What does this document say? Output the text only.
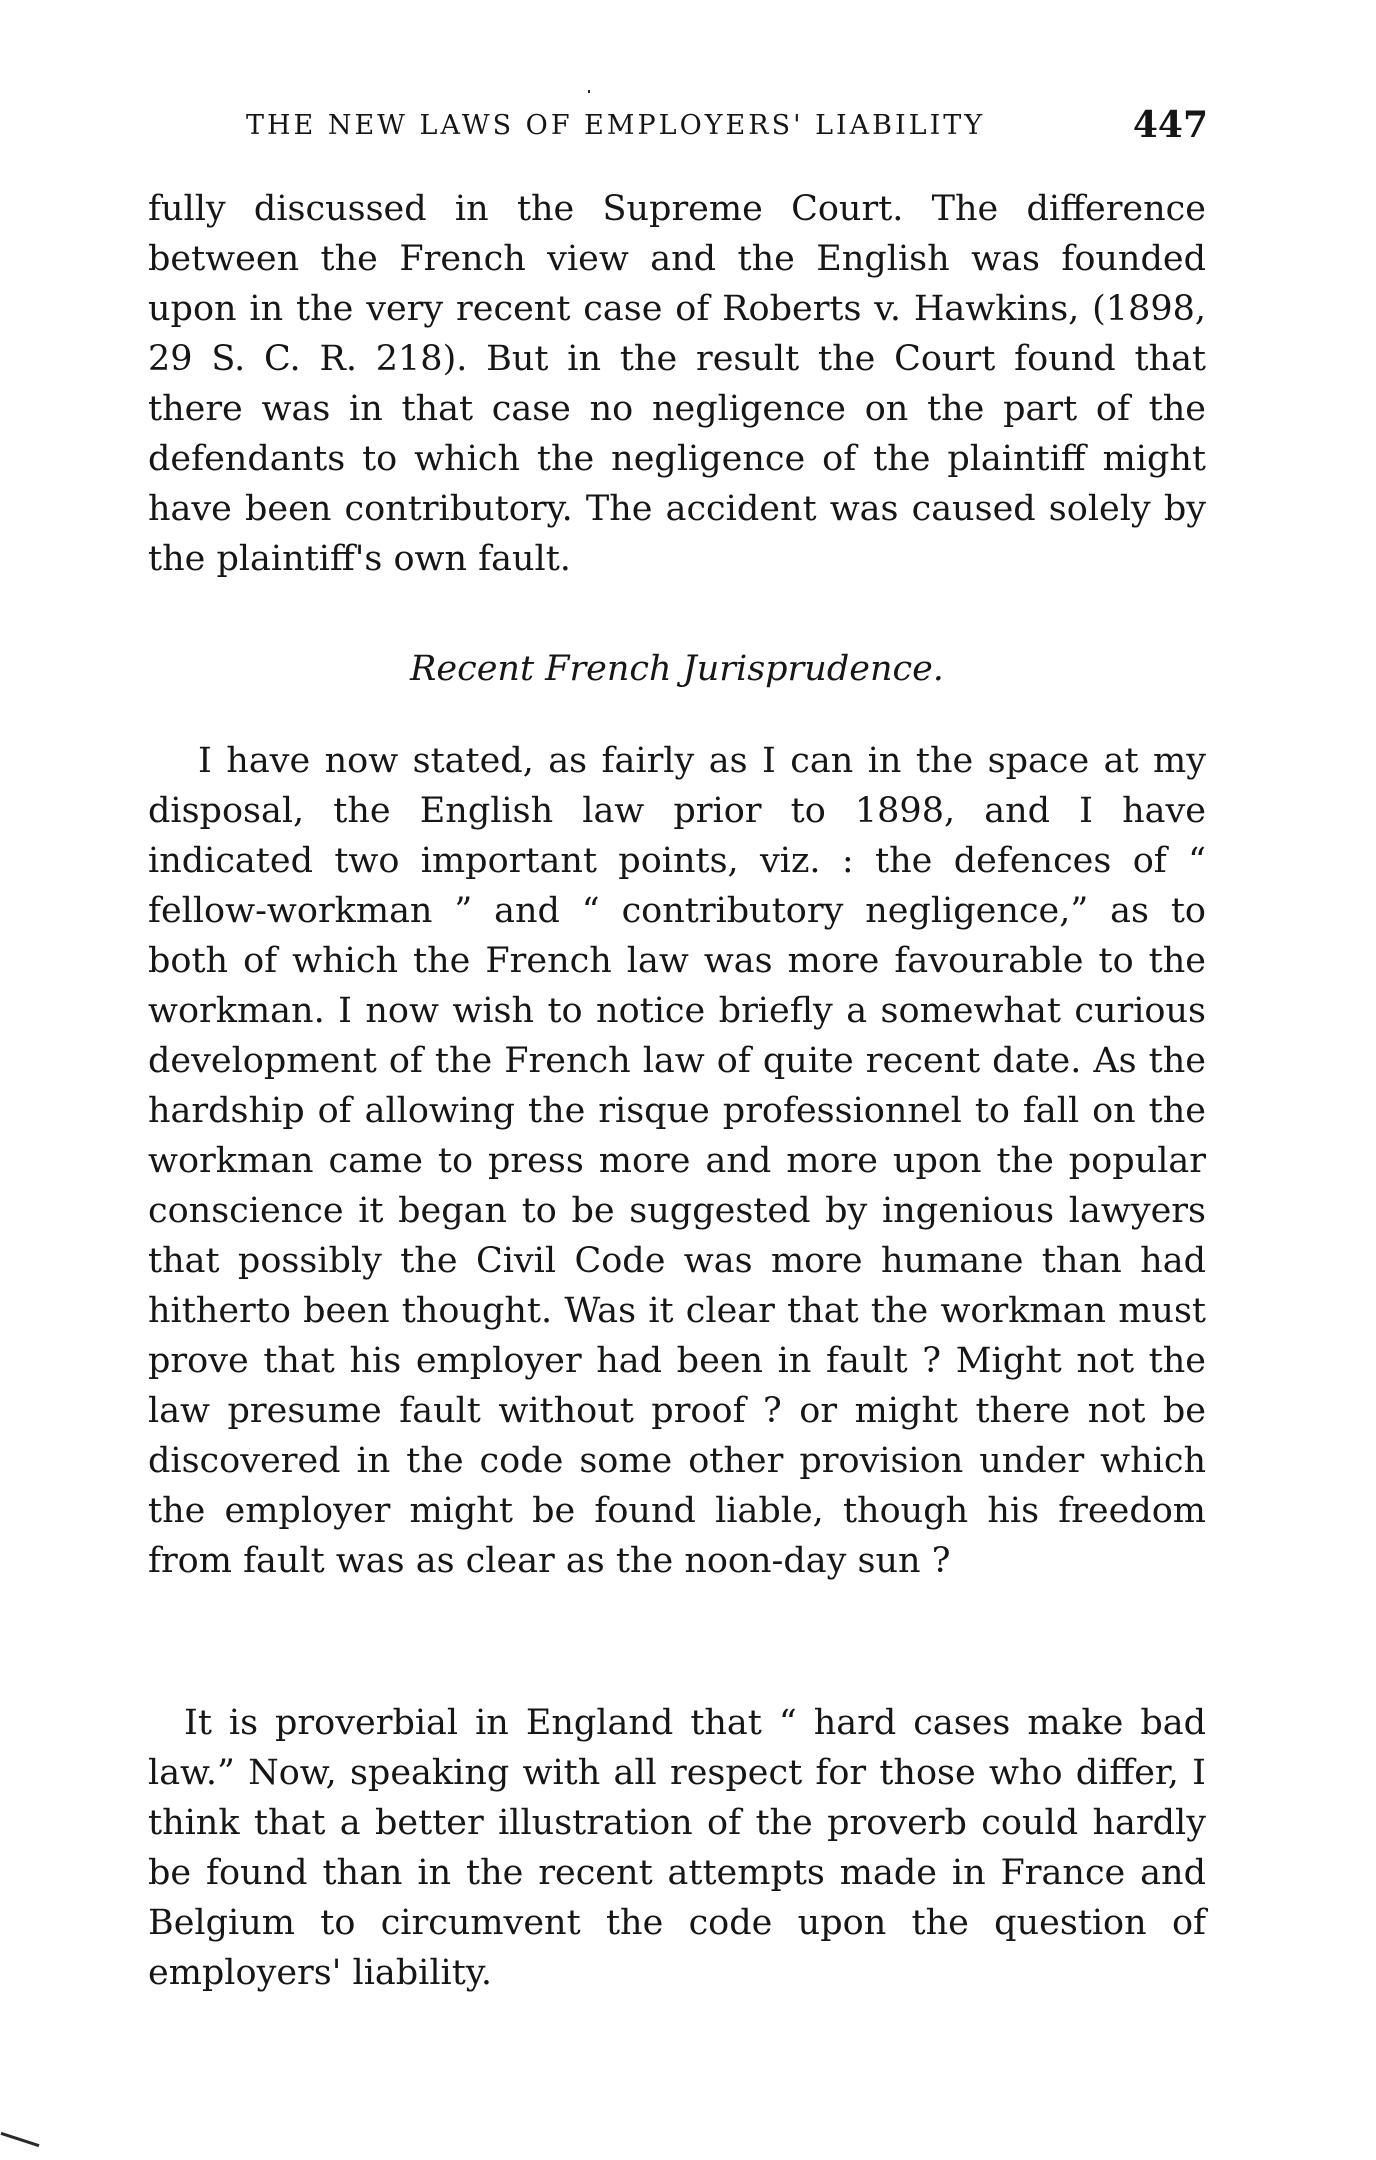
THE NEW LAWS OF EMPLOYERS' LIABILITY	447

fully discussed in the Supreme Court. The difference between the French view and the English was founded upon in the very recent case of Roberts v. Hawkins, (1898, 29 S. C. R. 218). But in the result the Court found that there was in that case no negligence on the part of the defendants to which the negligence of the plaintiff might have been contributory. The accident was caused solely by the plaintiff's own fault.

Recent French Jurisprudence.

I have now stated, as fairly as I can in the space at my disposal, the English law prior to 1898, and I have indicated two important points, viz. : the defences of “ fellow-workman ” and “ contributory negligence,” as to both of which the French law was more favourable to the workman. I now wish to notice briefly a somewhat curious development of the French law of quite recent date. As the hardship of allowing the risque professionnel to fall on the workman came to press more and more upon the popular conscience it began to be suggested by ingenious lawyers that possibly the Civil Code was more humane than had hitherto been thought. Was it clear that the workman must prove that his employer had been in fault ? Might not the law presume fault without proof ? or might there not be discovered in the code some other provision under which the employer might be found liable, though his freedom from fault was as clear as the noon-day sun ?

It is proverbial in England that “ hard cases make bad law.” Now, speaking with all respect for those who differ, I think that a better illustration of the proverb could hardly be found than in the recent attempts made in France and Belgium to circumvent the code upon the question of employers' liability.
